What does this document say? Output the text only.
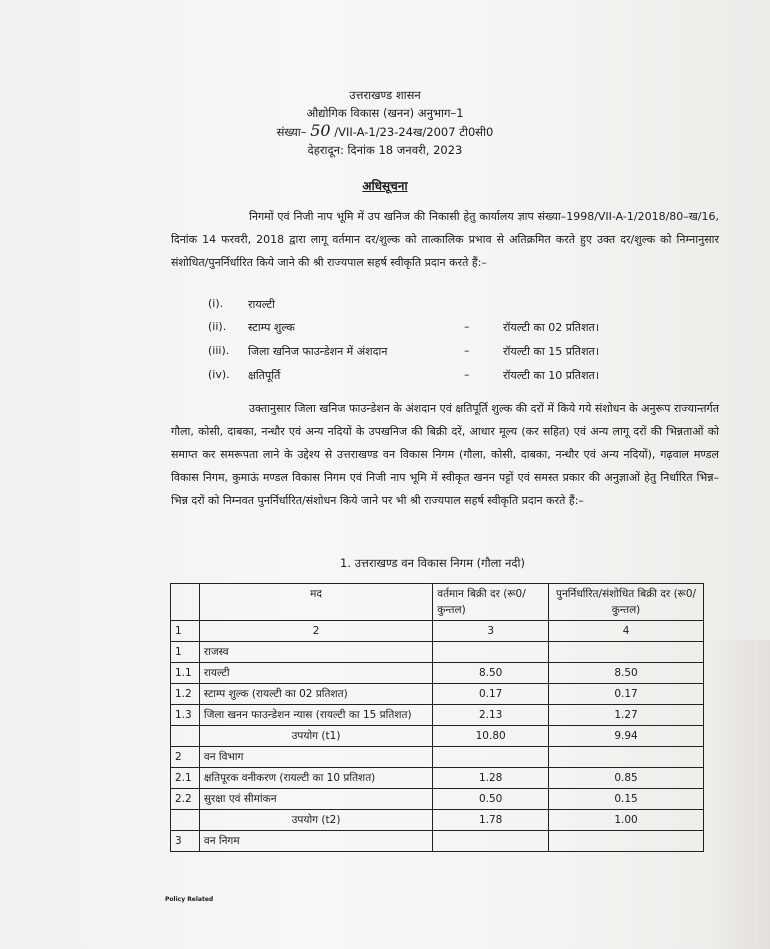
उत्तराखण्ड शासन
औद्योगिक विकास (खनन) अनुभाग–1
संख्या– 50 /VII-A-1/23-24ख/2007 टी0सी0
देहरादून: दिनांक 18 जनवरी, 2023
अधिसूचना
निगमों एवं निजी नाप भूमि में उप खनिज की निकासी हेतु कार्यालय ज्ञाप संख्या–1998/VII-A-1/2018/80–ख/16, दिनांक 14 फरवरी, 2018 द्वारा लागू वर्तमान दर/शुल्क को तात्कालिक प्रभाव से अतिक्रमित करते हुए उक्त दर/शुल्क को निम्नानुसार संशोधित/पुनर्निर्धारित किये जाने की श्री राज्यपाल सहर्ष स्वीकृति प्रदान करते हैं:–
(i).	रायल्टी
(ii).	स्टाम्प शुल्क	–	रॉयल्टी का 02 प्रतिशत।
(iii).	जिला खनिज फाउन्डेशन में अंशदान	–	रॉयल्टी का 15 प्रतिशत।
(iv).	क्षतिपूर्ति	–	रॉयल्टी का 10 प्रतिशत।
उक्तानुसार जिला खनिज फाउन्डेशन के अंशदान एवं क्षतिपूर्ति शुल्क की दरों में किये गये संशोधन के अनुरूप राज्यान्तर्गत गौला, कोसी, दाबका, नन्धौर एवं अन्य नदियों के उपखनिज की बिक्री दरें, आधार मूल्य (कर सहित) एवं अन्य लागू दरों की भिन्नताओं को समाप्त कर समरूपता लाने के उद्देश्य से उत्तराखण्ड वन विकास निगम (गौला, कोसी, दाबका, नन्धौर एवं अन्य नदियों), गढ़वाल मण्डल विकास निगम, कुमाऊं मण्डल विकास निगम एवं निजी नाप भूमि में स्वीकृत खनन पट्टों एवं समस्त प्रकार की अनुज्ञाओं हेतु निर्धारित भिन्न–भिन्न दरों को निम्नवत पुनर्निर्धारित/संशोधन किये जाने पर भी श्री राज्यपाल सहर्ष स्वीकृति प्रदान करते हैं:–
1. उत्तराखण्ड वन विकास निगम (गौला नदी)
	मद	वर्तमान बिक्री दर (रू0/कुन्तल)	पुनर्निर्धारित/संशोधित बिक्री दर (रू0/कुन्तल)
1	2	3	4
1	राजस्व		
1.1	रायल्टी	8.50	8.50
1.2	स्टाम्प शुल्क (रायल्टी का 02 प्रतिशत)	0.17	0.17
1.3	जिला खनन फाउन्डेशन न्यास (रायल्टी का 15 प्रतिशत)	2.13	1.27
	उपयोग (t1)	10.80	9.94
2	वन विभाग		
2.1	क्षतिपूरक वनीकरण (रायल्टी का 10 प्रतिशत)	1.28	0.85
2.2	सुरक्षा एवं सीमांकन	0.50	0.15
	उपयोग (t2)	1.78	1.00
3	वन निगम		
Policy Related
